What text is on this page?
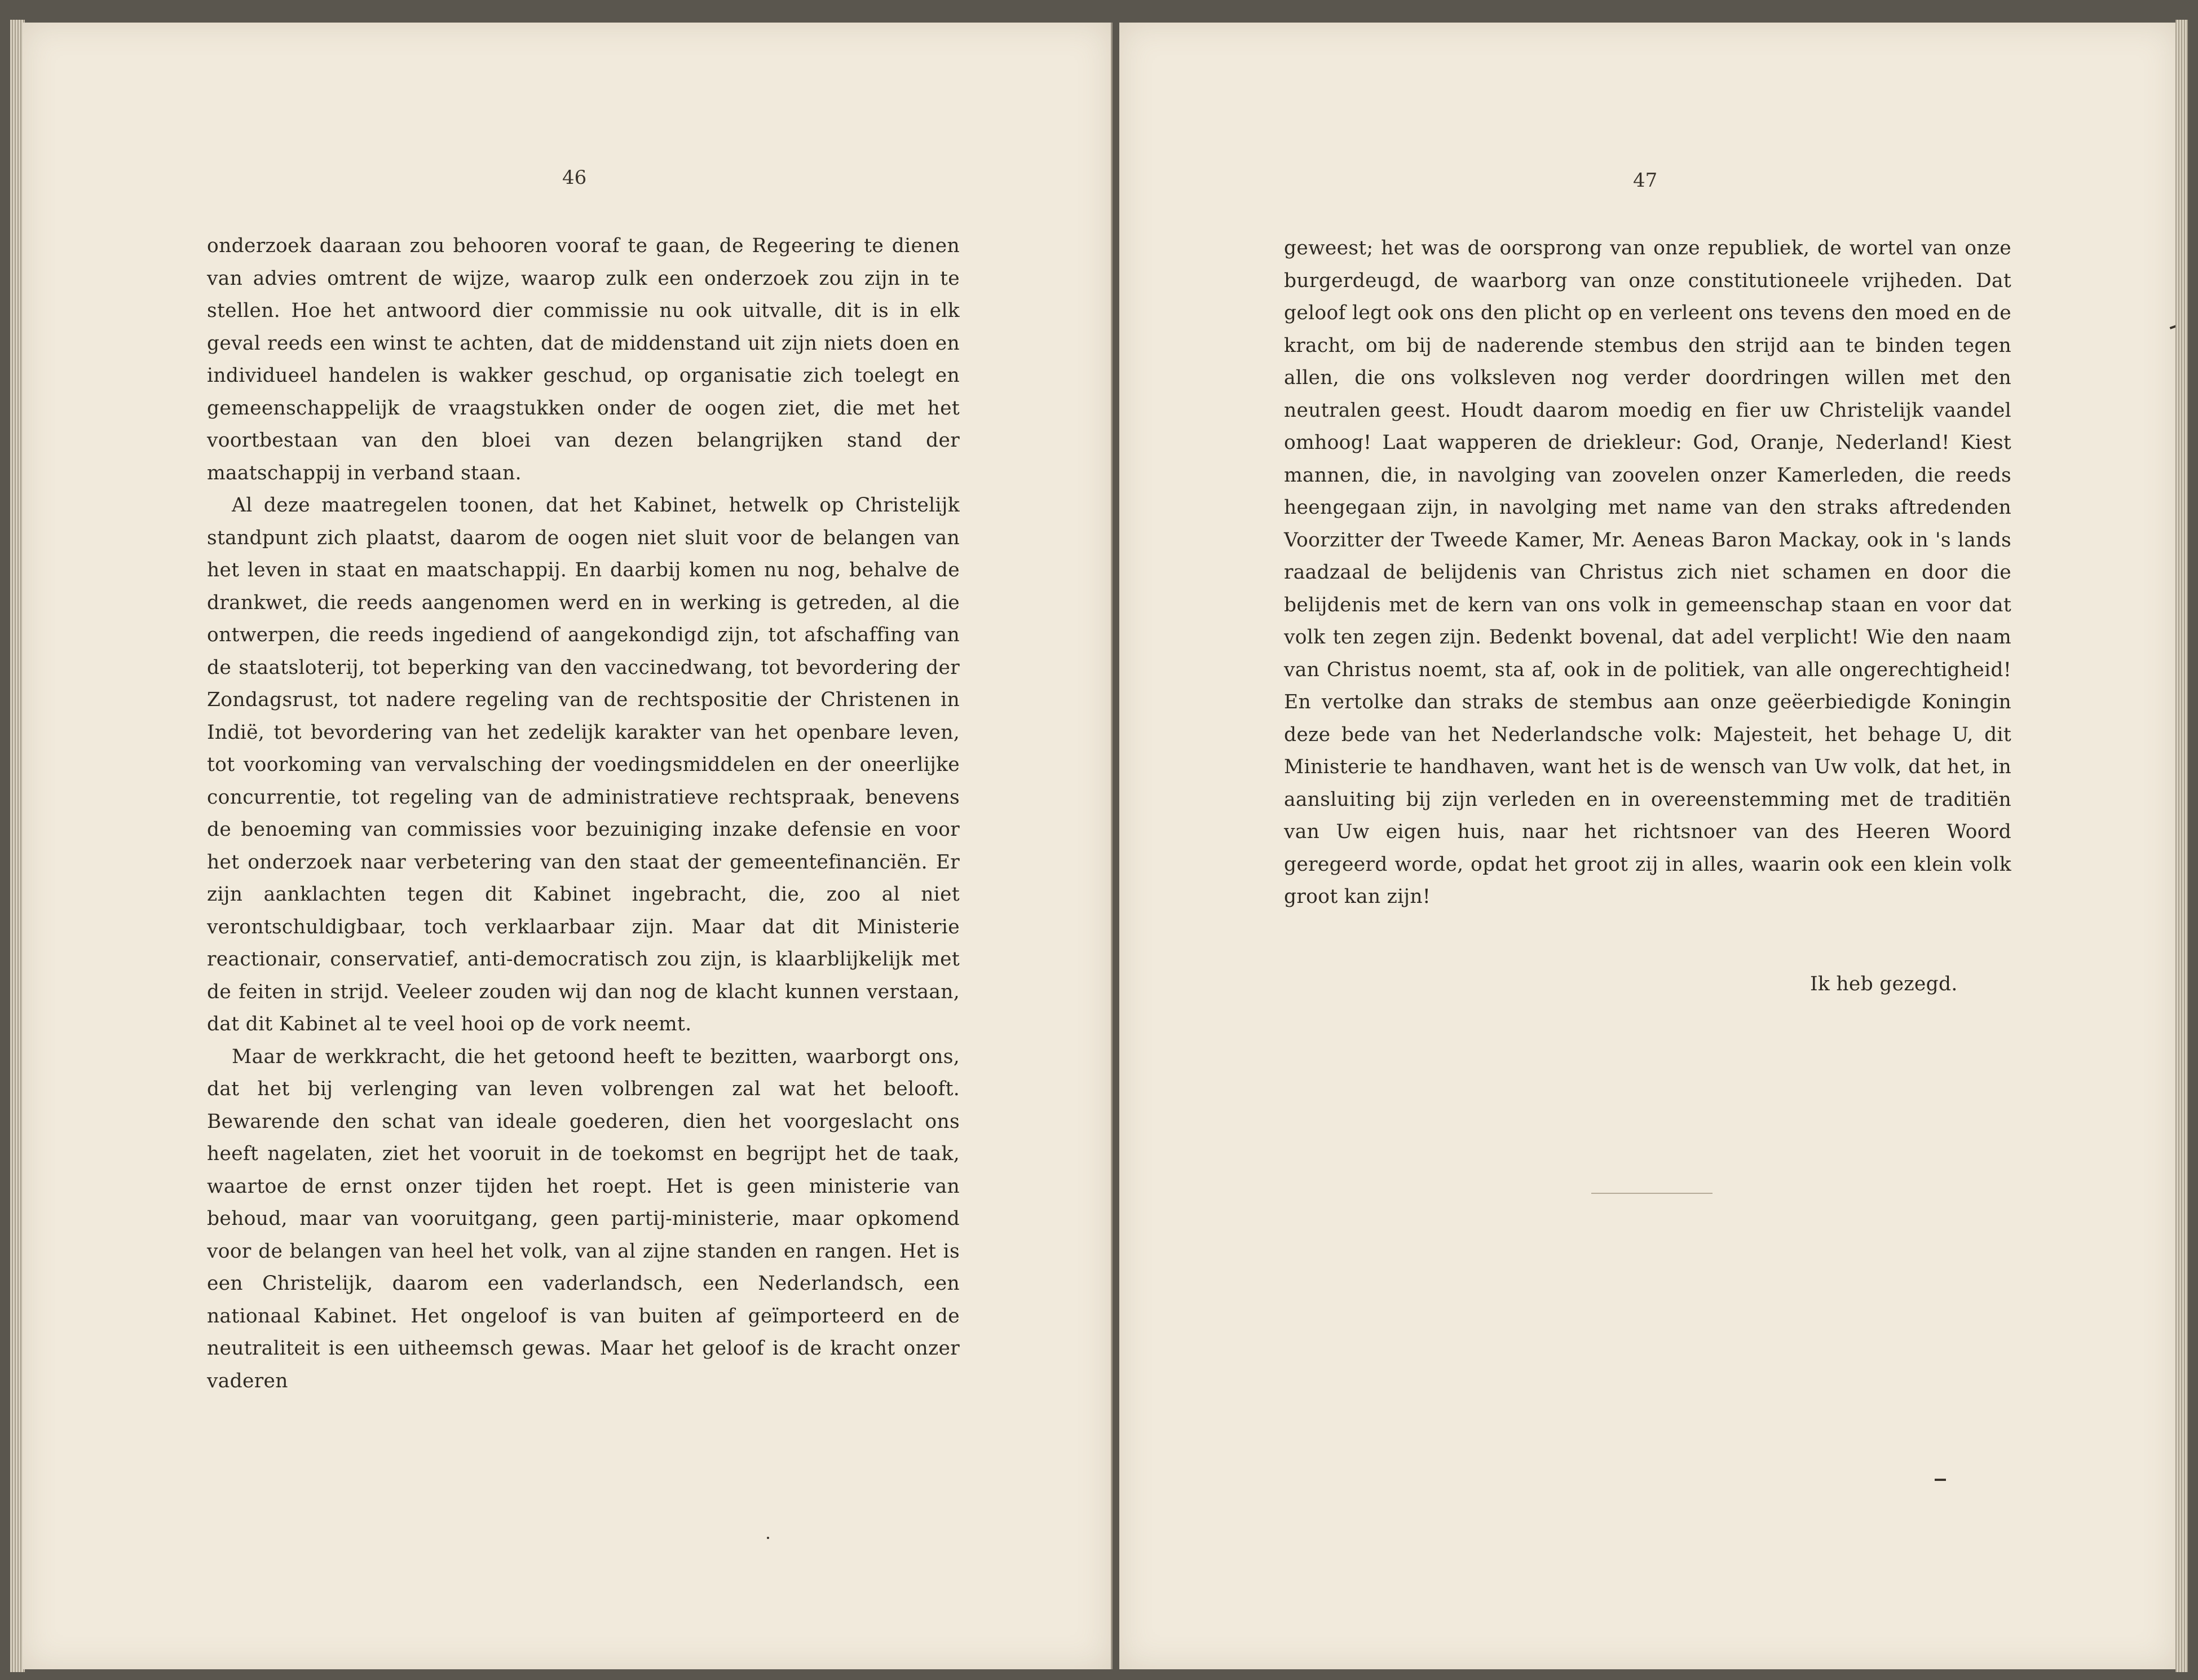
46

onderzoek daaraan zou behooren vooraf te gaan, de Regeering te dienen van advies omtrent de wijze, waarop zulk een onderzoek zou zijn in te stellen. Hoe het antwoord dier commissie nu ook uitvalle, dit is in elk geval reeds een winst te achten, dat de middenstand uit zijn niets doen en individueel handelen is wakker geschud, op organisatie zich toelegt en gemeenschappelijk de vraagstukken onder de oogen ziet, die met het voortbestaan van den bloei van dezen belangrijken stand der maatschappij in verband staan.

Al deze maatregelen toonen, dat het Kabinet, hetwelk op Christelijk standpunt zich plaatst, daarom de oogen niet sluit voor de belangen van het leven in staat en maatschappij. En daarbij komen nu nog, behalve de drankwet, die reeds aangenomen werd en in werking is getreden, al die ontwerpen, die reeds ingediend of aangekondigd zijn, tot afschaffing van de staatsloterij, tot beperking van den vaccinedwang, tot bevordering der Zondagsrust, tot nadere regeling van de rechtspositie der Christenen in Indië, tot bevordering van het zedelijk karakter van het openbare leven, tot voorkoming van vervalsching der voedingsmiddelen en der oneerlijke concurrentie, tot regeling van de administratieve rechtspraak, benevens de benoeming van commissies voor bezuiniging inzake defensie en voor het onderzoek naar verbetering van den staat der gemeentefinanciën. Er zijn aanklachten tegen dit Kabinet ingebracht, die, zoo al niet verontschuldigbaar, toch verklaarbaar zijn. Maar dat dit Ministerie reactionair, conservatief, anti-democratisch zou zijn, is klaarblijkelijk met de feiten in strijd. Veeleer zouden wij dan nog de klacht kunnen verstaan, dat dit Kabinet al te veel hooi op de vork neemt.

Maar de werkkracht, die het getoond heeft te bezitten, waarborgt ons, dat het bij verlenging van leven volbrengen zal wat het belooft. Bewarende den schat van ideale goederen, dien het voorgeslacht ons heeft nagelaten, ziet het vooruit in de toekomst en begrijpt het de taak, waartoe de ernst onzer tijden het roept. Het is geen ministerie van behoud, maar van vooruitgang, geen partij-ministerie, maar opkomend voor de belangen van heel het volk, van al zijne standen en rangen. Het is een Christelijk, daarom een vaderlandsch, een Nederlandsch, een nationaal Kabinet. Het ongeloof is van buiten af geïmporteerd en de neutraliteit is een uitheemsch gewas. Maar het geloof is de kracht onzer vaderen

47

geweest; het was de oorsprong van onze republiek, de wortel van onze burgerdeugd, de waarborg van onze constitutioneele vrijheden. Dat geloof legt ook ons den plicht op en verleent ons tevens den moed en de kracht, om bij de naderende stembus den strijd aan te binden tegen allen, die ons volksleven nog verder doordringen willen met den neutralen geest. Houdt daarom moedig en fier uw Christelijk vaandel omhoog! Laat wapperen de driekleur: God, Oranje, Nederland! Kiest mannen, die, in navolging van zoovelen onzer Kamerleden, die reeds heengegaan zijn, in navolging met name van den straks aftredenden Voorzitter der Tweede Kamer, Mr. Aeneas Baron Mackay, ook in 's lands raadzaal de belijdenis van Christus zich niet schamen en door die belijdenis met de kern van ons volk in gemeenschap staan en voor dat volk ten zegen zijn. Bedenkt bovenal, dat adel verplicht! Wie den naam van Christus noemt, sta af, ook in de politiek, van alle ongerechtigheid! En vertolke dan straks de stembus aan onze geëerbiedigde Koningin deze bede van het Nederlandsche volk: Majesteit, het behage U, dit Ministerie te handhaven, want het is de wensch van Uw volk, dat het, in aansluiting bij zijn verleden en in overeenstemming met de traditiën van Uw eigen huis, naar het richtsnoer van des Heeren Woord geregeerd worde, opdat het groot zij in alles, waarin ook een klein volk groot kan zijn!

Ik heb gezegd.
